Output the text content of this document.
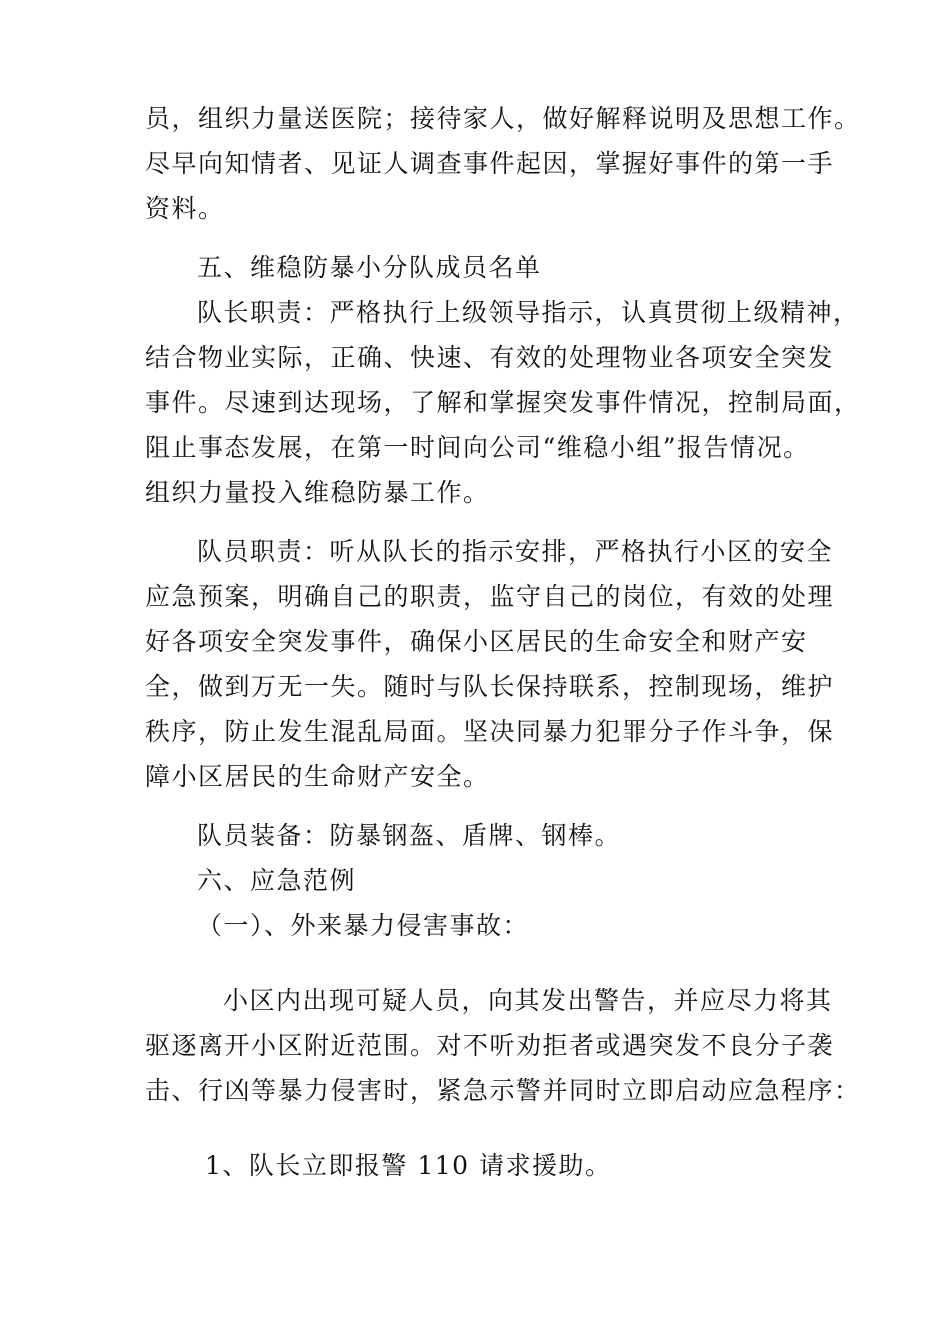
员，组织力量送医院；接待家人，做好解释说明及思想工作。
尽早向知情者、见证人调查事件起因，掌握好事件的第一手
资料。
五、维稳防暴小分队成员名单
队长职责：严格执行上级领导指示，认真贯彻上级精神，
结合物业实际，正确、快速、有效的处理物业各项安全突发
事件。尽速到达现场，了解和掌握突发事件情况，控制局面，
阻止事态发展，在第一时间向公司“维稳小组”报告情况。
组织力量投入维稳防暴工作。
队员职责：听从队长的指示安排，严格执行小区的安全
应急预案，明确自己的职责，监守自己的岗位，有效的处理
好各项安全突发事件，确保小区居民的生命安全和财产安
全，做到万无一失。随时与队长保持联系，控制现场，维护
秩序，防止发生混乱局面。坚决同暴力犯罪分子作斗争，保
障小区居民的生命财产安全。
队员装备：防暴钢盔、盾牌、钢棒。
六、应急范例
（一）、外来暴力侵害事故：
小区内出现可疑人员，向其发出警告，并应尽力将其
驱逐离开小区附近范围。对不听劝拒者或遇突发不良分子袭
击、行凶等暴力侵害时，紧急示警并同时立即启动应急程序：
1、队长立即报警 110 请求援助。
